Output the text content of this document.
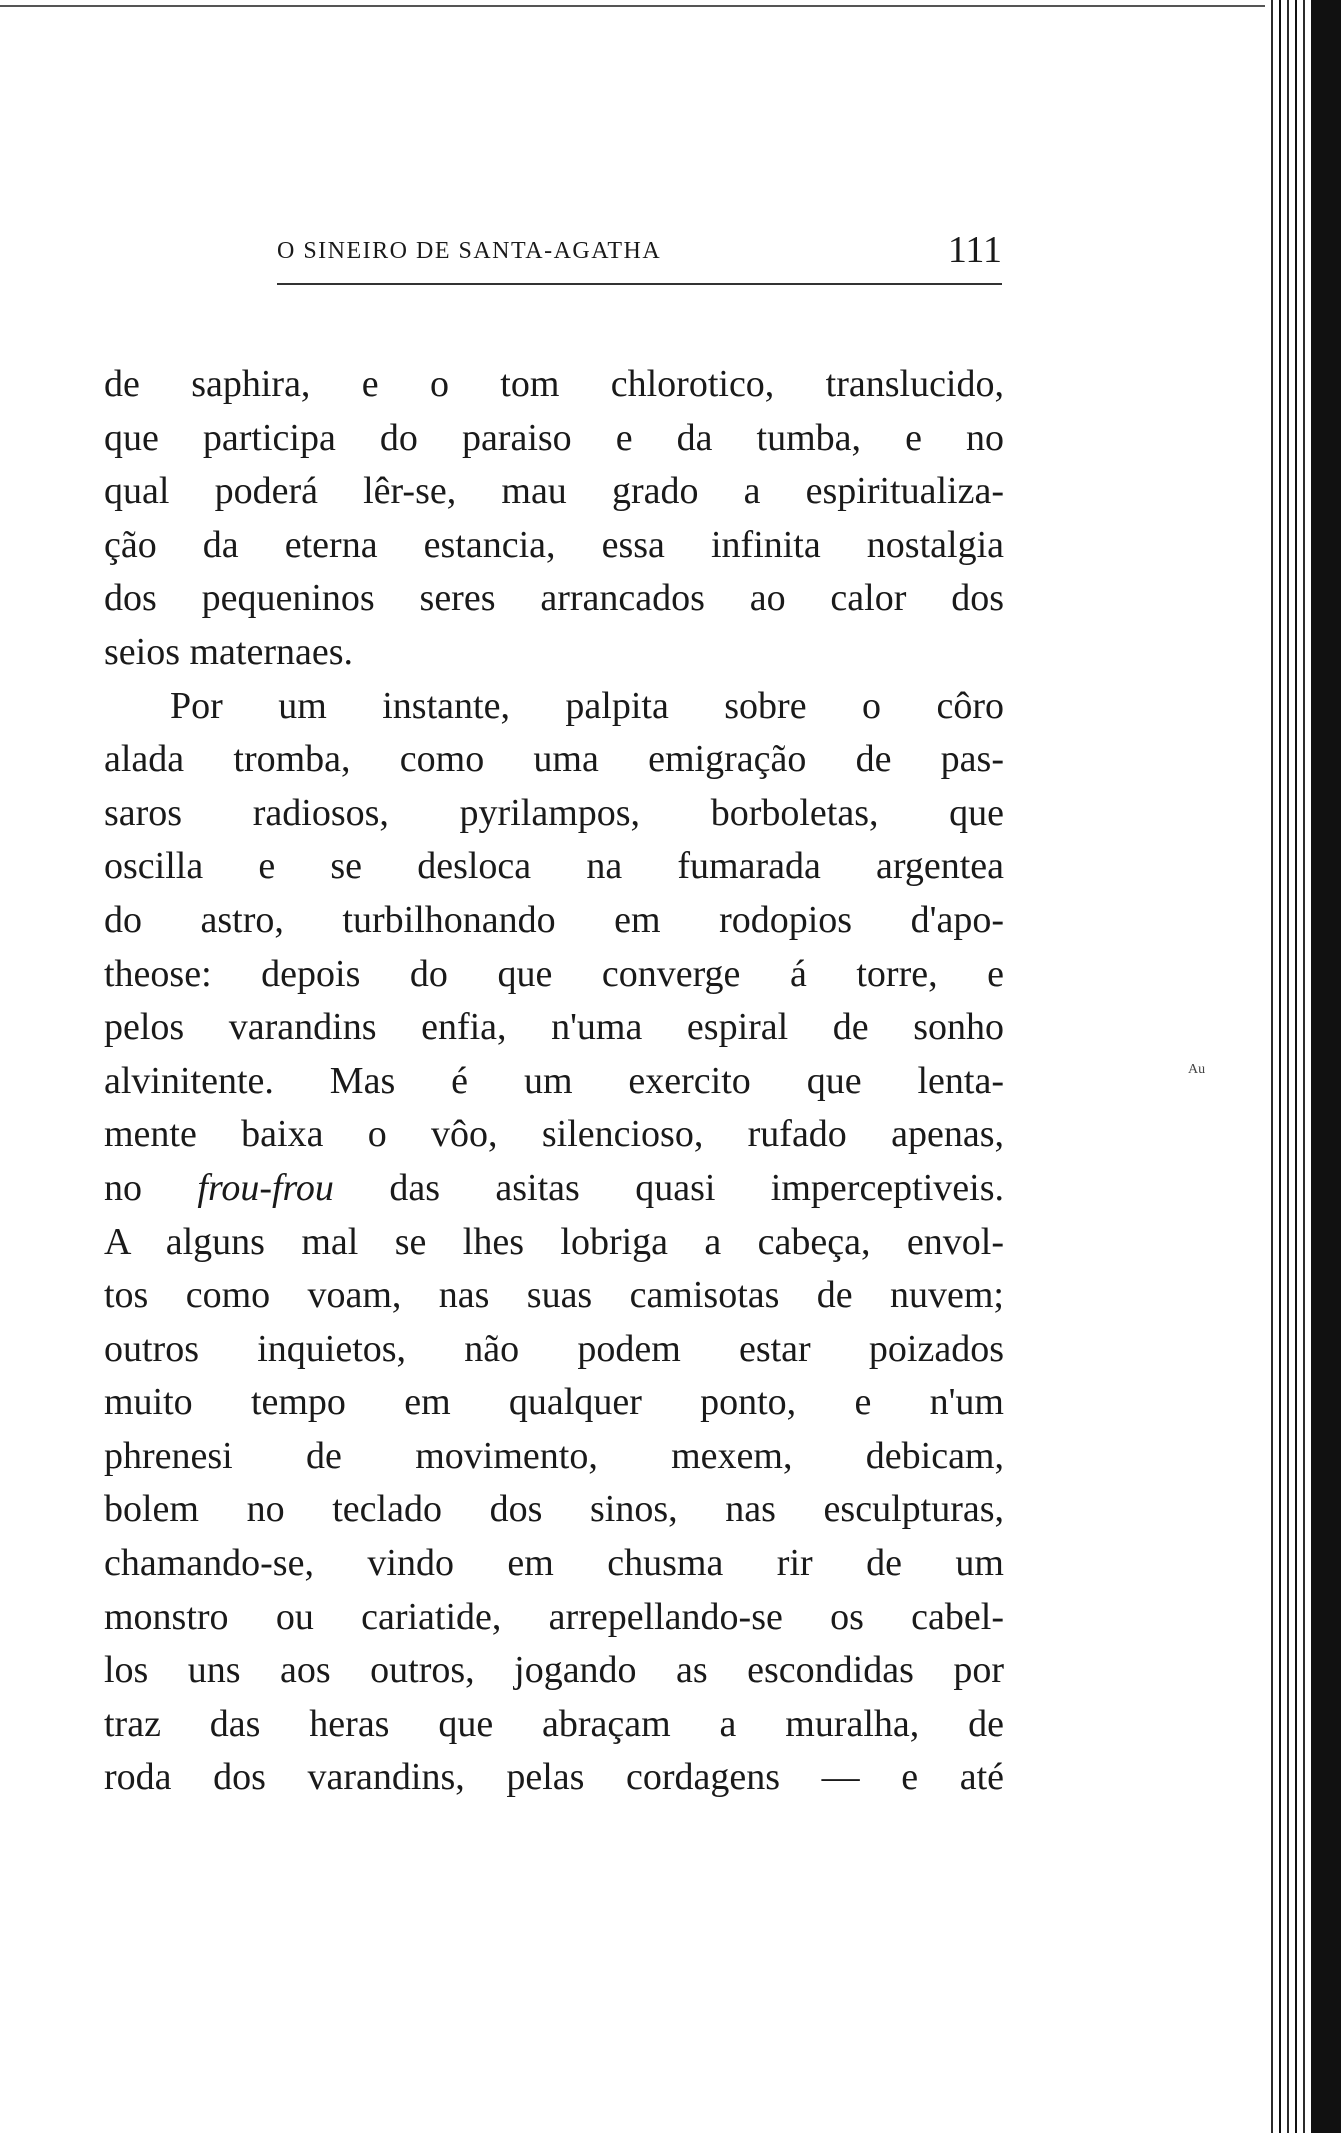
O SINEIRO DE SANTA-AGATHA	111
de saphira, e o tom chlorotico, translucido,
que participa do paraiso e da tumba, e no
qual poderá lêr-se, mau grado a espiritualiza-
ção da eterna estancia, essa infinita nostalgia
dos pequeninos seres arrancados ao calor dos
seios maternaes.
Por um instante, palpita sobre o côro
alada tromba, como uma emigração de pas-
saros radiosos, pyrilampos, borboletas, que
oscilla e se desloca na fumarada argentea
do astro, turbilhonando em rodopios d'apo-
theose: depois do que converge á torre, e
pelos varandins enfia, n'uma espiral de sonho
alvinitente. Mas é um exercito que lenta-
mente baixa o vôo, silencioso, rufado apenas,
no frou-frou das asitas quasi imperceptiveis.
A alguns mal se lhes lobriga a cabeça, envol-
tos como voam, nas suas camisotas de nuvem;
outros inquietos, não podem estar poizados
muito tempo em qualquer ponto, e n'um
phrenesi de movimento, mexem, debicam,
bolem no teclado dos sinos, nas esculpturas,
chamando-se, vindo em chusma rir de um
monstro ou cariatide, arrepellando-se os cabel-
los uns aos outros, jogando as escondidas por
traz das heras que abraçam a muralha, de
roda dos varandins, pelas cordagens — e até
Au
